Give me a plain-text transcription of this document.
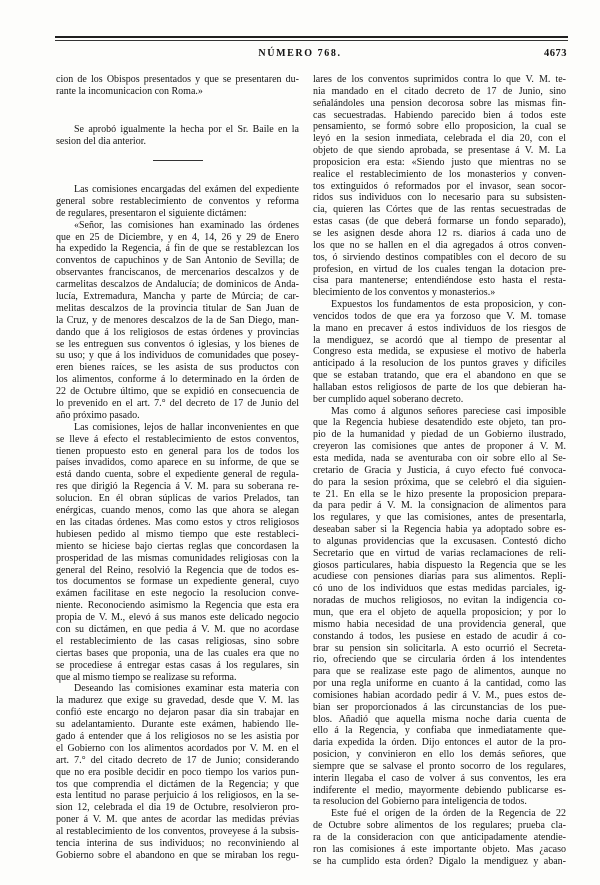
NÚMERO 768.	4673
cion de los Obispos presentados y que se presentaren du-
rante la incomunicacion con Roma.»
Se aprobó igualmente la hecha por el Sr. Baile en la
sesion del dia anterior.
Las comisiones encargadas del exámen del expediente
general sobre restablecimiento de conventos y reforma
de regulares, presentaron el siguiente dictámen:
«Señor, las comisiones han examinado las órdenes
que en 25 de Diciembre, y en 4, 14, 26 y 29 de Enero
ha expedido la Regencia, á fin de que se restablezcan los
conventos de capuchinos y de San Antonio de Sevilla; de
observantes franciscanos, de mercenarios descalzos y de
carmelitas descalzos de Andalucía; de dominicos de Anda-
lucía, Extremadura, Mancha y parte de Múrcia; de car-
melitas descalzos de la provincia titular de San Juan de
la Cruz, y de menores descalzos de la de San Diego, man-
dando que á los religiosos de estas órdenes y provincias
se les entreguen sus conventos ó iglesias, y los bienes de
su uso; y que á los individuos de comunidades que posey-
eren bienes raíces, se les asista de sus productos con
los alimentos, conforme á lo determinado en la órden de
22 de Octubre último, que se expidió en consecuencia de
lo prevenido en el art. 7.° del decreto de 17 de Junio del
año próximo pasado.
Las comisiones, lejos de hallar inconvenientes en que
se lleve á efecto el restablecimiento de estos conventos,
tienen propuesto esto en general para los de todos los
países invadidos, como aparece en su informe, de que se
está dando cuenta, sobre el expediente general de regula-
res que dirigió la Regencia á V. M. para su soberana re-
solucion. En él obran súplicas de varios Prelados, tan
enérgicas, cuando menos, como las que ahora se alegan
en las citadas órdenes. Mas como estos y ctros religiosos
hubiesen pedido al mismo tiempo que este restableci-
miento se hiciese bajo ciertas reglas que concordasen la
prosperidad de las mismas comunidades religiosas con la
general del Reino, resolvió la Regencia que de todos es-
tos documentos se formase un expediente general, cuyo
exámen facilitase en este negocio la resolucion conve-
niente. Reconociendo asimismo la Regencia que esta era
propia de V. M., elevó á sus manos este delicado negocio
con su dictámen, en que pedia á V. M. que no acordase
el restablecimiento de las casas religiosas, sino sobre
ciertas bases que proponia, una de las cuales era que no
se procediese á entregar estas casas á los regulares, sin
que al mismo tiempo se realizase su reforma.
Deseando las comisiones examinar esta materia con
la madurez que exige su gravedad, desde que V. M. las
confió este encargo no dejaron pasar dia sin trabajar en
su adelantamiento. Durante este exámen, habiendo lle-
gado á entender que á los religiosos no se les asistia por
el Gobierno con los alimentos acordados por V. M. en el
art. 7.° del citado decreto de 17 de Junio; considerando
que no era posible decidir en poco tiempo los varios pun-
tos que comprendia el dictámen de la Regencia; y que
esta lentitud no parase perjuicio á los religiosos, en la se-
sion 12, celebrada el dia 19 de Octubre, resolvieron pro-
poner á V. M. que antes de acordar las medidas prévias
al restablecimiento de los conventos, proveyese á la subsis-
tencia interina de sus individuos; no reconviniendo al
Gobierno sobre el abandono en que se miraban los regu-
lares de los conventos suprimidos contra lo que V. M. te-
nia mandado en el citado decreto de 17 de Junio, sino
señalándoles una pension decorosa sobre las mismas fin-
cas secuestradas. Habiendo parecido bien á todos este
pensamiento, se formó sobre ello proposicion, la cual se
leyó en la sesion inmediata, celebrada el dia 20, con el
objeto de que siendo aprobada, se presentase á V. M. La
proposicion era esta: «Siendo justo que mientras no se
realice el restablecimiento de los monasterios y conven-
tos extinguidos ó reformados por el invasor, sean socor-
ridos sus individuos con lo necesario para su subsisten-
cia, quieren las Córtes que de las rentas secuestradas de
estas casas (de que deberá formarse un fondo separado),
se les asignen desde ahora 12 rs. diarios á cada uno de
los que no se hallen en el dia agregados á otros conven-
tos, ó sirviendo destinos compatibles con el decoro de su
profesion, en virtud de los cuales tengan la dotacion pre-
cisa para mantenerse; entendiéndose esto hasta el resta-
blecimiento de los conventos y monasterios.»
Expuestos los fundamentos de esta proposicion, y con-
vencidos todos de que era ya forzoso que V. M. tomase
la mano en precaver á estos individuos de los riesgos de
la mendiguez, se acordó que al tiempo de presentar al
Congreso esta medida, se expusiese el motivo de haberla
anticipado á la resolucion de los puntos graves y difíciles
que se estaban tratando, que era el abandono en que se
hallaban estos religiosos de parte de los que debieran ha-
ber cumplido aquel soberano decreto.
Mas como á algunos señores pareciese casi imposible
que la Regencia hubiese desatendido este objeto, tan pro-
pio de la humanidad y piedad de un Gobierno ilustrado,
creyeron las comisiones que antes de proponer á V. M.
esta medida, nada se aventuraba con oir sobre ello al Se-
cretario de Gracia y Justicia, á cuyo efecto fué convoca-
do para la sesion próxima, que se celebró el dia siguien-
te 21. En ella se le hizo presente la proposicion prepara-
da para pedir á V. M. la consignacion de alimentos para
los regulares, y que las comisiones, antes de presentarla,
deseaban saber si la Regencia habia ya adoptado sobre es-
to algunas providencias que la excusasen. Contestó dicho
Secretario que en virtud de varias reclamaciones de reli-
giosos particulares, habia dispuesto la Regencia que se les
acudiese con pensiones diarias para sus alimentos. Repli-
có uno de los individuos que estas medidas parciales, ig-
noradas de muchos religiosos, no evitan la indigencia co-
mun, que era el objeto de aquella proposicion; y por lo
mismo habia necesidad de una providencia general, que
constando á todos, les pusiese en estado de acudir á co-
brar su pension sin solicitarla. A esto ocurrió el Secreta-
rio, ofreciendo que se circularia órden á los intendentes
para que se realizase este pago de alimentos, aunque no
por una regla uniforme en cuanto á la cantidad, como las
comisiones habian acordado pedir á V. M., pues estos de-
bian ser proporcionados á las circunstancias de los pue-
blos. Añadió que aquella misma noche daria cuenta de
ello á la Regencia, y confiaba que inmediatamente que-
daria expedida la órden. Dijo entonces el autor de la pro-
posicion, y convinieron en ello los demás señores, que
siempre que se salvase el pronto socorro de los regulares,
interin llegaba el caso de volver á sus conventos, les era
indiferente el medio, mayormente debiendo publicarse es-
ta resolucion del Gobierno para inteligencia de todos.
Este fué el orígen de la órden de la Regencia de 22
de Octubre sobre alimentos de los regulares; prueba cla-
ra de la consideracion con que anticipadamente atendie-
ron las comisiones á este importante objeto. Mas ¿acaso
se ha cumplido esta órden? Digalo la mendiguez y aban-
